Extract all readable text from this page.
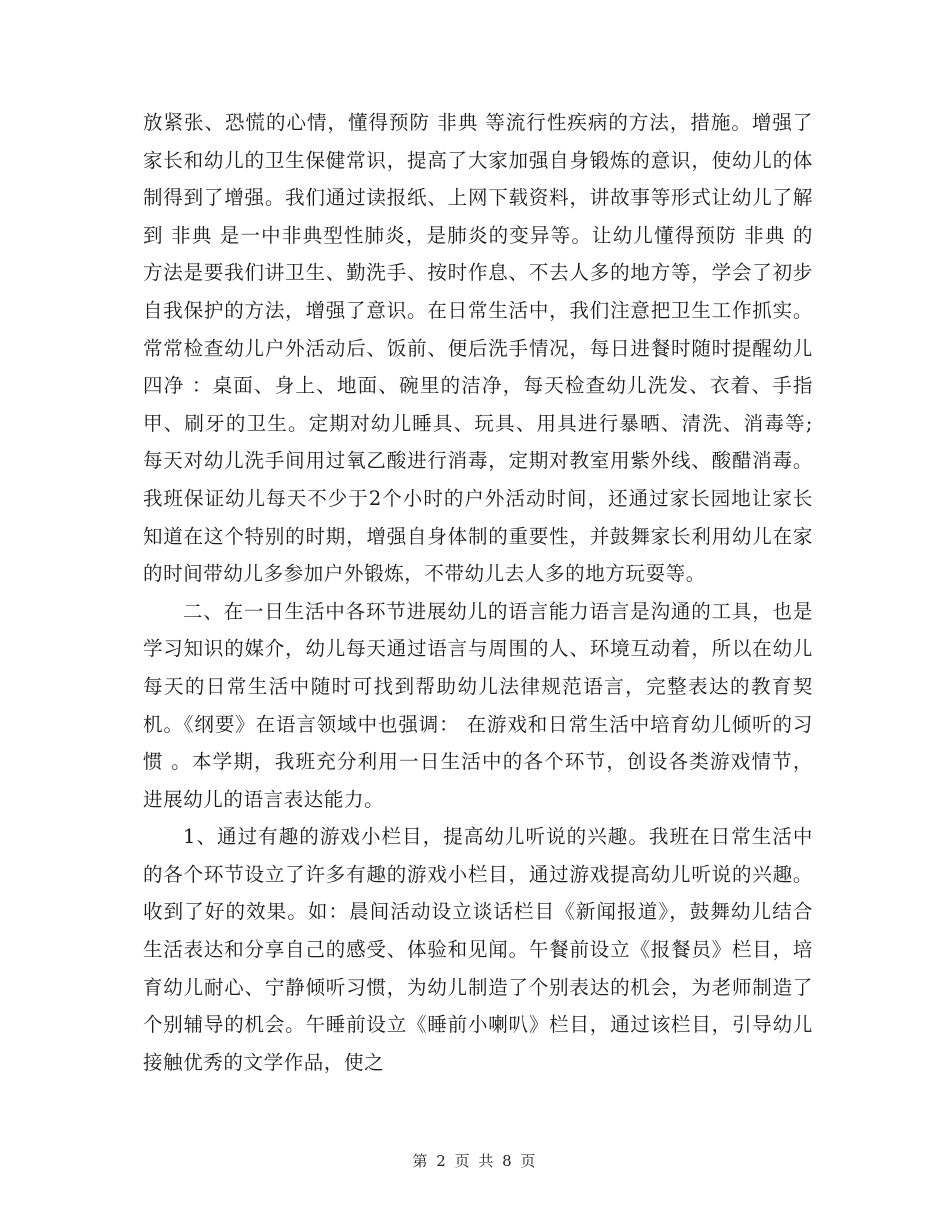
放紧张、恐慌的心情，懂得预防 非典 等流行性疾病的方法，措施。增强了家长和幼儿的卫生保健常识，提高了大家加强自身锻炼的意识，使幼儿的体制得到了增强。我们通过读报纸、上网下载资料，讲故事等形式让幼儿了解到 非典 是一中非典型性肺炎，是肺炎的变异等。让幼儿懂得预防 非典 的方法是要我们讲卫生、勤洗手、按时作息、不去人多的地方等，学会了初步自我保护的方法，增强了意识。在日常生活中，我们注意把卫生工作抓实。常常检查幼儿户外活动后、饭前、便后洗手情况，每日进餐时随时提醒幼儿 四净 ：桌面、身上、地面、碗里的洁净，每天检查幼儿洗发、衣着、手指甲、刷牙的卫生。定期对幼儿睡具、玩具、用具进行暴晒、清洗、消毒等;每天对幼儿洗手间用过氧乙酸进行消毒，定期对教室用紫外线、酸醋消毒。我班保证幼儿每天不少于2个小时的户外活动时间，还通过家长园地让家长知道在这个特别的时期，增强自身体制的重要性，并鼓舞家长利用幼儿在家的时间带幼儿多参加户外锻炼，不带幼儿去人多的地方玩耍等。

二、在一日生活中各环节进展幼儿的语言能力语言是沟通的工具，也是学习知识的媒介，幼儿每天通过语言与周围的人、环境互动着，所以在幼儿每天的日常生活中随时可找到帮助幼儿法律规范语言，完整表达的教育契机。《纲要》在语言领域中也强调： 在游戏和日常生活中培育幼儿倾听的习惯 。本学期，我班充分利用一日生活中的各个环节，创设各类游戏情节，进展幼儿的语言表达能力。

1、通过有趣的游戏小栏目，提高幼儿听说的兴趣。我班在日常生活中的各个环节设立了许多有趣的游戏小栏目，通过游戏提高幼儿听说的兴趣。收到了好的效果。如：晨间活动设立谈话栏目《新闻报道》，鼓舞幼儿结合生活表达和分享自己的感受、体验和见闻。午餐前设立《报餐员》栏目，培育幼儿耐心、宁静倾听习惯，为幼儿制造了个别表达的机会，为老师制造了个别辅导的机会。午睡前设立《睡前小喇叭》栏目，通过该栏目，引导幼儿接触优秀的文学作品，使之

第 2 页 共 8 页
